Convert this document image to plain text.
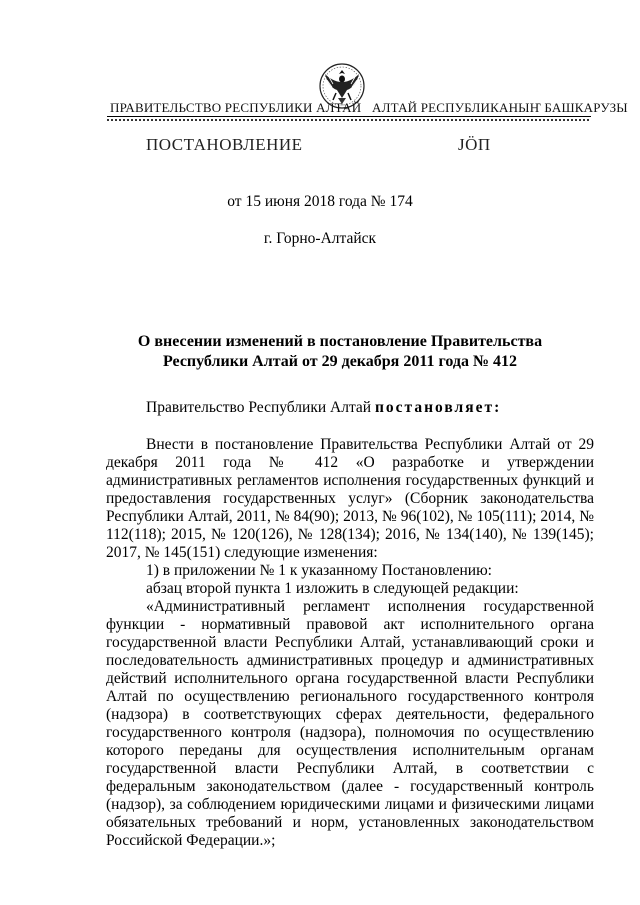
ПРАВИТЕЛЬСТВО РЕСПУБЛИКИ АЛТАЙ АЛТАЙ РЕСПУБЛИКАНЫҤ БАШКАРУЗЫ
ПОСТАНОВЛЕНИЕ	ЈӦП
от 15 июня 2018 года № 174
г. Горно-Алтайск
О внесении изменений в постановление Правительства
Республики Алтай от 29 декабря 2011 года № 412
Правительство Республики Алтай постановляет:

Внести в постановление Правительства Республики Алтай от 29 декабря 2011 года № 412 «О разработке и утверждении административных регламентов исполнения государственных функций и предоставления государственных услуг» (Сборник законодательства Республики Алтай, 2011, № 84(90); 2013, № 96(102), № 105(111); 2014, № 112(118); 2015, № 120(126), № 128(134); 2016, № 134(140), № 139(145); 2017, № 145(151) следующие изменения:

1) в приложении № 1 к указанному Постановлению:

абзац второй пункта 1 изложить в следующей редакции:

«Административный регламент исполнения государственной функции - нормативный правовой акт исполнительного органа государственной власти Республики Алтай, устанавливающий сроки и последовательность административных процедур и административных действий исполнительного органа государственной власти Республики Алтай по осуществлению регионального государственного контроля (надзора) в соответствующих сферах деятельности, федерального государственного контроля (надзора), полномочия по осуществлению которого переданы для осуществления исполнительным органам государственной власти Республики Алтай, в соответствии с федеральным законодательством (далее - государственный контроль (надзор), за соблюдением юридическими лицами и физическими лицами обязательных требований и норм, установленных законодательством Российской Федерации.»;
